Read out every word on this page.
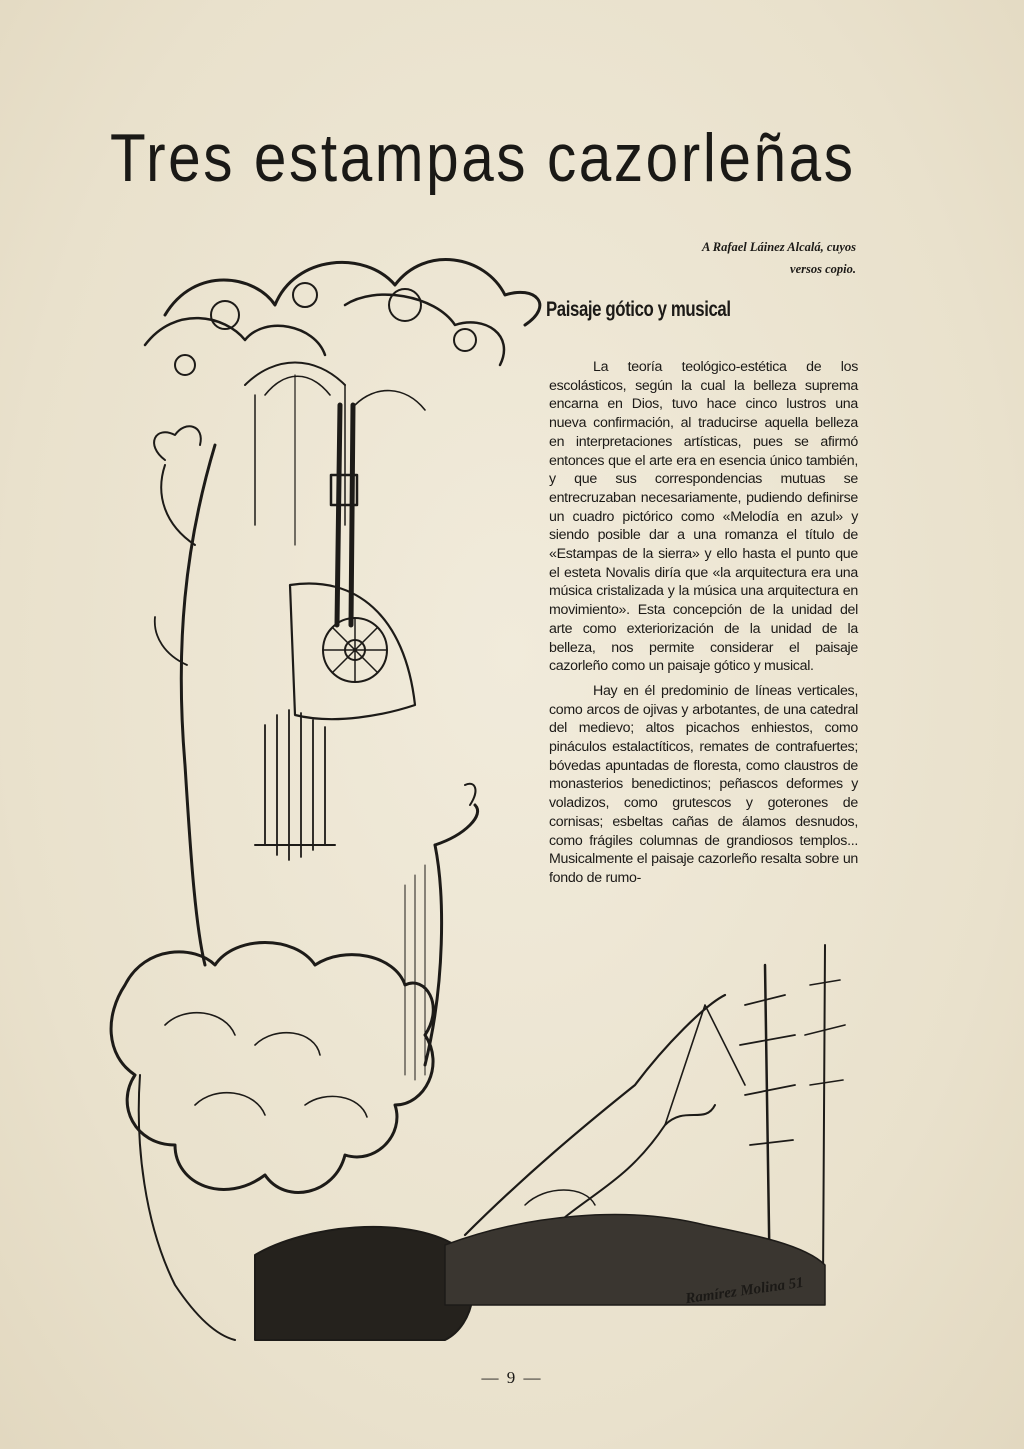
Tres estampas cazorleñas
A Rafael Láinez Alcalá, cuyos
versos copio.
Paisaje gótico y musical

La teoría teológico-estética de los escolásticos, según la cual la belleza suprema encarna en Dios, tuvo hace cinco lustros una nueva confirmación, al traducirse aquella belleza en interpretaciones artísticas, pues se afirmó entonces que el arte era en esencia único también, y que sus correspondencias mutuas se entrecruzaban necesariamente, pudiendo definirse un cuadro pictórico como «Melodía en azul» y siendo posible dar a una romanza el título de «Estampas de la sierra» y ello hasta el punto que el esteta Novalis diría que «la arquitectura era una música cristalizada y la música una arquitectura en movimiento». Esta concepción de la unidad del arte como exteriorización de la unidad de la belleza, nos permite considerar el paisaje cazorleño como un paisaje gótico y musical.

Hay en él predominio de líneas verticales, como arcos de ojivas y arbotantes, de una catedral del medievo; altos picachos enhiestos, como pináculos estalactíticos, remates de contrafuertes; bóvedas apuntadas de floresta, como claustros de monasterios benedictinos; peñascos deformes y voladizos, como grutescos y goterones de cornisas; esbeltas cañas de álamos desnudos, como frágiles columnas de grandiosos templos... Musicalmente el paisaje cazorleño resalta sobre un fondo de rumo-

Ramírez Molina 51
— 9 —
